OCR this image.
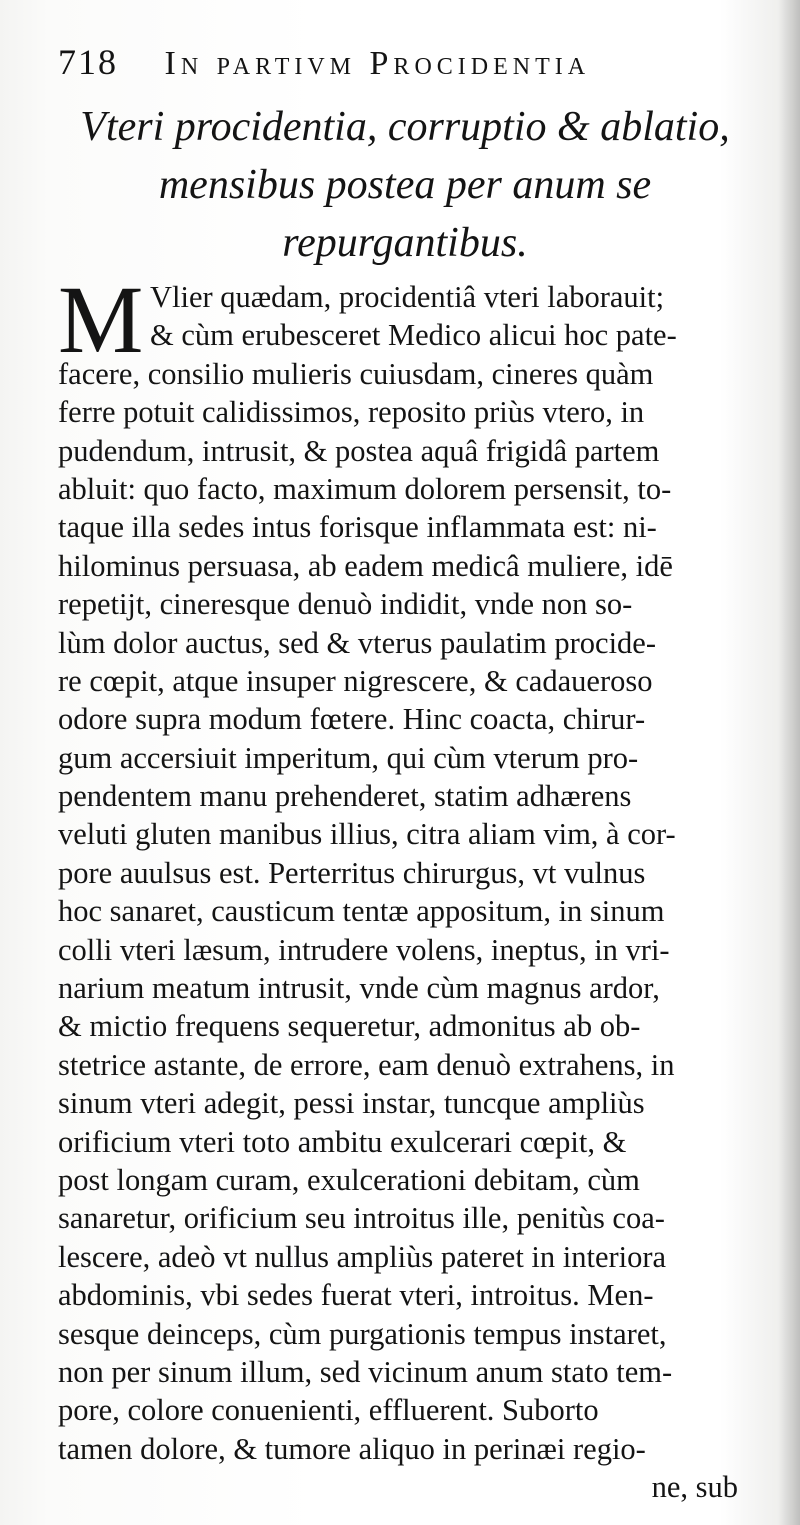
718 In partivm Procidentia
Vteri procidentia, corruptio & ablatio,
mensibus postea per anum se
repurgantibus.
M Vlier quædam, procidentiâ vteri laborauit;
& cùm erubesceret Medico alicui hoc pate-
facere, consilio mulieris cuiusdam, cineres quàm
ferre potuit calidissimos, reposito priùs vtero, in
pudendum, intrusit, & postea aquâ frigidâ partem
abluit: quo facto, maximum dolorem persensit, to-
taque illa sedes intus forisque inflammata est: ni-
hilominus persuasa, ab eadem medicâ muliere, idē
repetijt, cineresque denuò indidit, vnde non so-
lùm dolor auctus, sed & vterus paulatim procide-
re cœpit, atque insuper nigrescere, & cadaueroso
odore supra modum fœtere. Hinc coacta, chirur-
gum accersiuit imperitum, qui cùm vterum pro-
pendentem manu prehenderet, statim adhærens
veluti gluten manibus illius, citra aliam vim, à cor-
pore auulsus est. Perterritus chirurgus, vt vulnus
hoc sanaret, causticum tentæ appositum, in sinum
colli vteri læsum, intrudere volens, ineptus, in vri-
narium meatum intrusit, vnde cùm magnus ardor,
& mictio frequens sequeretur, admonitus ab ob-
stetrice astante, de errore, eam denuò extrahens, in
sinum vteri adegit, pessi instar, tuncque ampliùs
orificium vteri toto ambitu exulcerari cœpit, &
post longam curam, exulcerationi debitam, cùm
sanaretur, orificium seu introitus ille, penitùs coa-
lescere, adeò vt nullus ampliùs pateret in interiora
abdominis, vbi sedes fuerat vteri, introitus. Men-
sesque deinceps, cùm purgationis tempus instaret,
non per sinum illum, sed vicinum anum stato tem-
pore, colore conuenienti, effluerent. Suborto
tamen dolore, & tumore aliquo in perinæi regio-
ne, sub
